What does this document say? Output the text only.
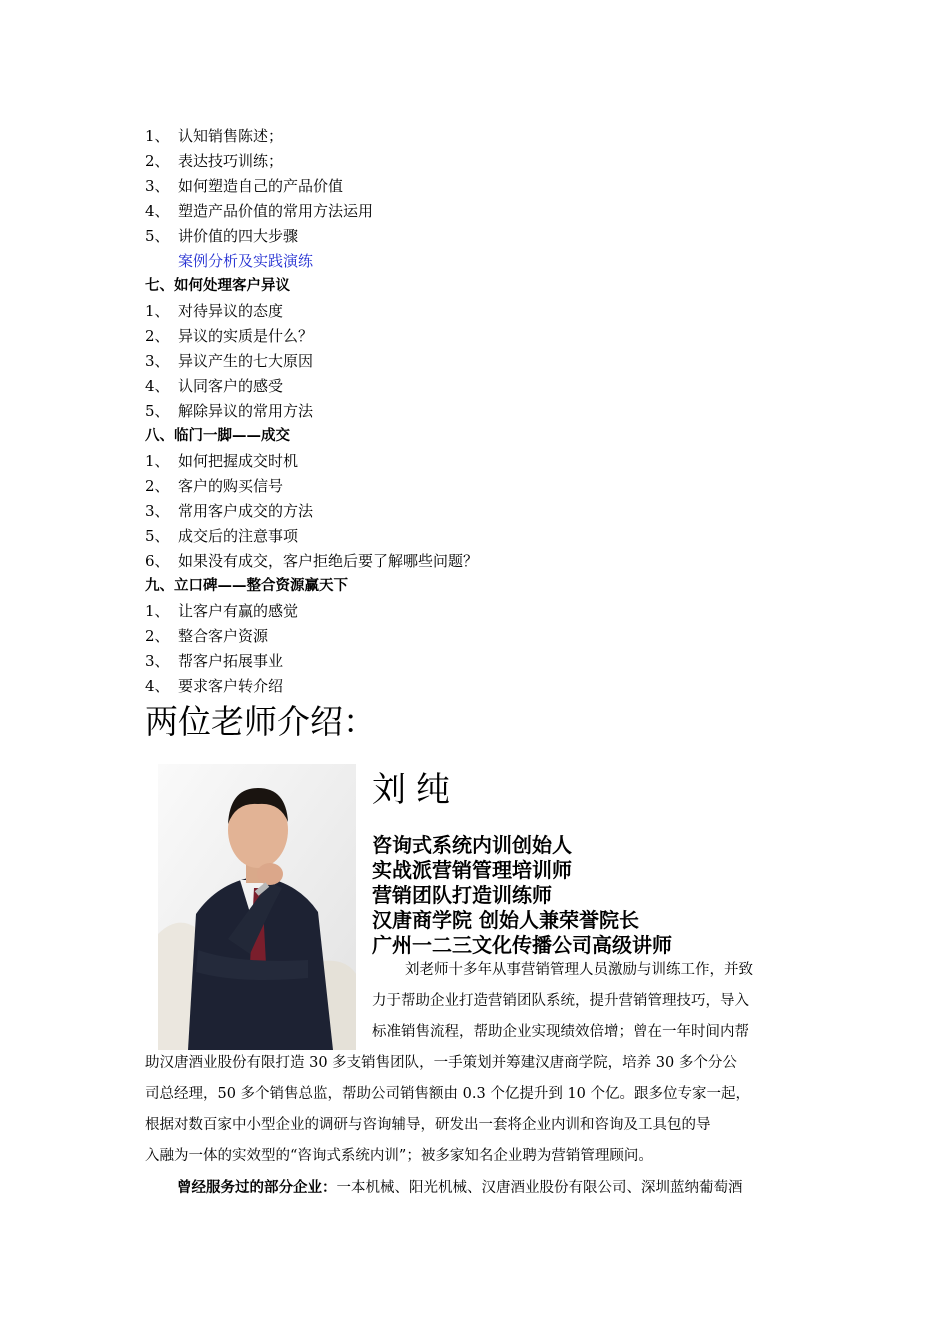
1、 认知销售陈述；
2、 表达技巧训练；
3、 如何塑造自己的产品价值
4、 塑造产品价值的常用方法运用
5、 讲价值的四大步骤
案例分析及实践演练
七、如何处理客户异议
1、 对待异议的态度
2、 异议的实质是什么？
3、 异议产生的七大原因
4、 认同客户的感受
5、 解除异议的常用方法
八、临门一脚——成交
1、 如何把握成交时机
2、 客户的购买信号
3、 常用客户成交的方法
5、 成交后的注意事项
6、 如果没有成交，客户拒绝后要了解哪些问题？
九、立口碑——整合资源赢天下
1、 让客户有赢的感觉
2、 整合客户资源
3、 帮客户拓展事业
4、 要求客户转介绍
两位老师介绍：
刘纯
咨询式系统内训创始人
实战派营销管理培训师
营销团队打造训练师
汉唐商学院 创始人兼荣誉院长
广州一二三文化传播公司高级讲师
刘老师十多年从事营销管理人员激励与训练工作，并致
力于帮助企业打造营销团队系统，提升营销管理技巧，导入
标准销售流程，帮助企业实现绩效倍增；曾在一年时间内帮
助汉唐酒业股份有限打造 30 多支销售团队，一手策划并筹建汉唐商学院，培养 30 多个分公
司总经理，50 多个销售总监，帮助公司销售额由 0.3 个亿提升到 10 个亿。跟多位专家一起，
根据对数百家中小型企业的调研与咨询辅导，研发出一套将企业内训和咨询及工具包的导
入融为一体的实效型的“咨询式系统内训”；被多家知名企业聘为营销管理顾问。
曾经服务过的部分企业：一本机械、阳光机械、汉唐酒业股份有限公司、深圳蓝纳葡萄酒
